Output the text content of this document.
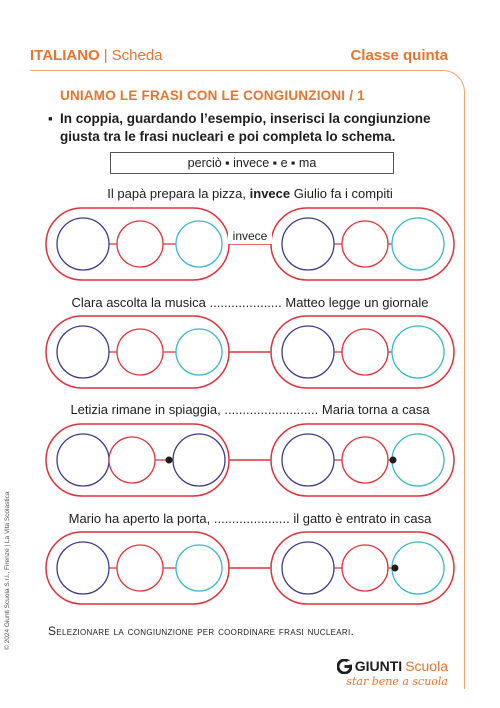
ITALIANO | Scheda	Classe quinta
UNIAMO LE FRASI CON LE CONGIUNZIONI / 1
▪ In coppia, guardando l’esempio, inserisci la congiunzione giusta tra le frasi nucleari e poi completa lo schema.
perciò ▪ invece ▪ e ▪ ma
Il papà prepara la pizza, invece Giulio fa i compiti
Clara ascolta la musica .................... Matteo legge un giornale
Letizia rimane in spiaggia, .......................... Maria torna a casa
Mario ha aperto la porta, ..................... il gatto è entrato in casa
invece
© 2024 Giunti Scuola S.r.l., Firenze | La Vita Scolastica	Selezionare la congiunzione per coordinare frasi nucleari.
GIUNTI Scuola
star bene a scuola
